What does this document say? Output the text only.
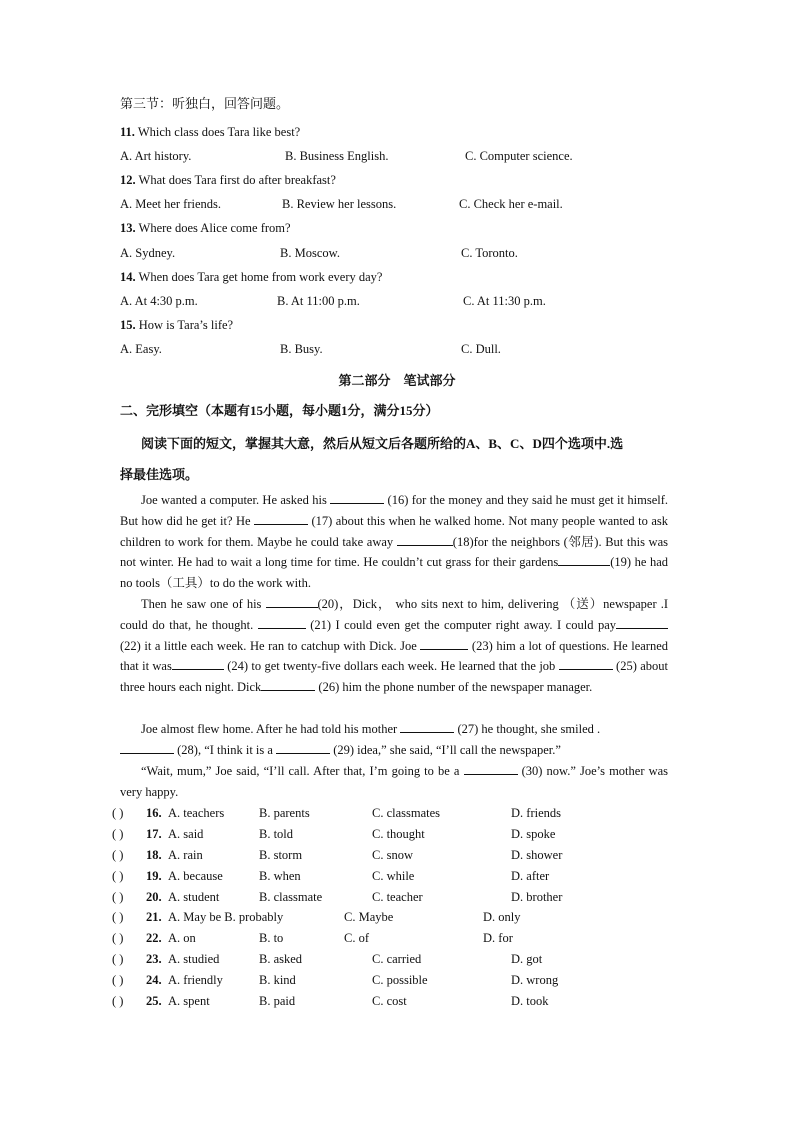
第三节：听独白，回答问题。
11. Which class does Tara like best?
A. Art history.	B. Business English.	C. Computer science.
12. What does Tara first do after breakfast?
A. Meet her friends.	B. Review her lessons.	C. Check her e-mail.
13. Where does Alice come from?
A. Sydney.	B. Moscow.	C. Toronto.
14. When does Tara get home from work every day?
A. At 4:30 p.m.	B. At 11:00 p.m.	C. At 11:30 p.m.
15. How is Tara’s life?
A. Easy.	B. Busy.	C. Dull.
第二部分　笔试部分
二、完形填空（本题有15小题，每小题1分，满分15分）
阅读下面的短文，掌握其大意，然后从短文后各题所给的A、B、C、D四个选项中.选
择最佳选项。
Joe wanted a computer. He asked his	(16) for the money and they said he must get it himself. But how did he get it? He	(17) about this when he walked home. Not many people wanted to ask children to work for them. Maybe he could take away	(18)for the neighbors (邻居). But this was not winter. He had to wait a long time for time. He couldn’t cut grass for their gardens	(19) he had no tools（工具）to do the work with.
Then he saw one of his	(20)，Dick， who sits next to him, delivering （送）newspaper .I could do that, he thought.	(21) I could even get the computer right away. I could pay (22) it a little each week. He ran to catchup with Dick. Joe	(23) him a lot of questions. He learned that it was	(24) to get twenty-five dollars each week. He learned that the job	(25) about three hours each night. Dick	(26) him the phone number of the newspaper manager.
Joe almost flew home. After he had told his mother	(27) he thought, she smiled .
(28), “I think it is a	(29) idea,” she said, “I’ll call the newspaper.”
“Wait, mum,” Joe said, “I’ll call. After that, I’m going to be a	(30) now.” Joe’s mother was very happy.
( ) 16. A. teachers	B. parents	C. classmates	D. friends
( ) 17. A. said	B. told	C. thought	D. spoke
( ) 18. A. rain	B. storm	C. snow	D. shower
( ) 19. A. because	B. when	C. while	D. after
( ) 20. A. student	B. classmate	C. teacher	D. brother
( ) 21. A. May be B. probably	C. Maybe	D. only
( ) 22. A. on	B. to	C. of	D. for
( ) 23. A. studied	B. asked	C. carried	D. got
( ) 24. A. friendly	B. kind	C. possible	D. wrong
( ) 25. A. spent	B. paid	C. cost	D. took
